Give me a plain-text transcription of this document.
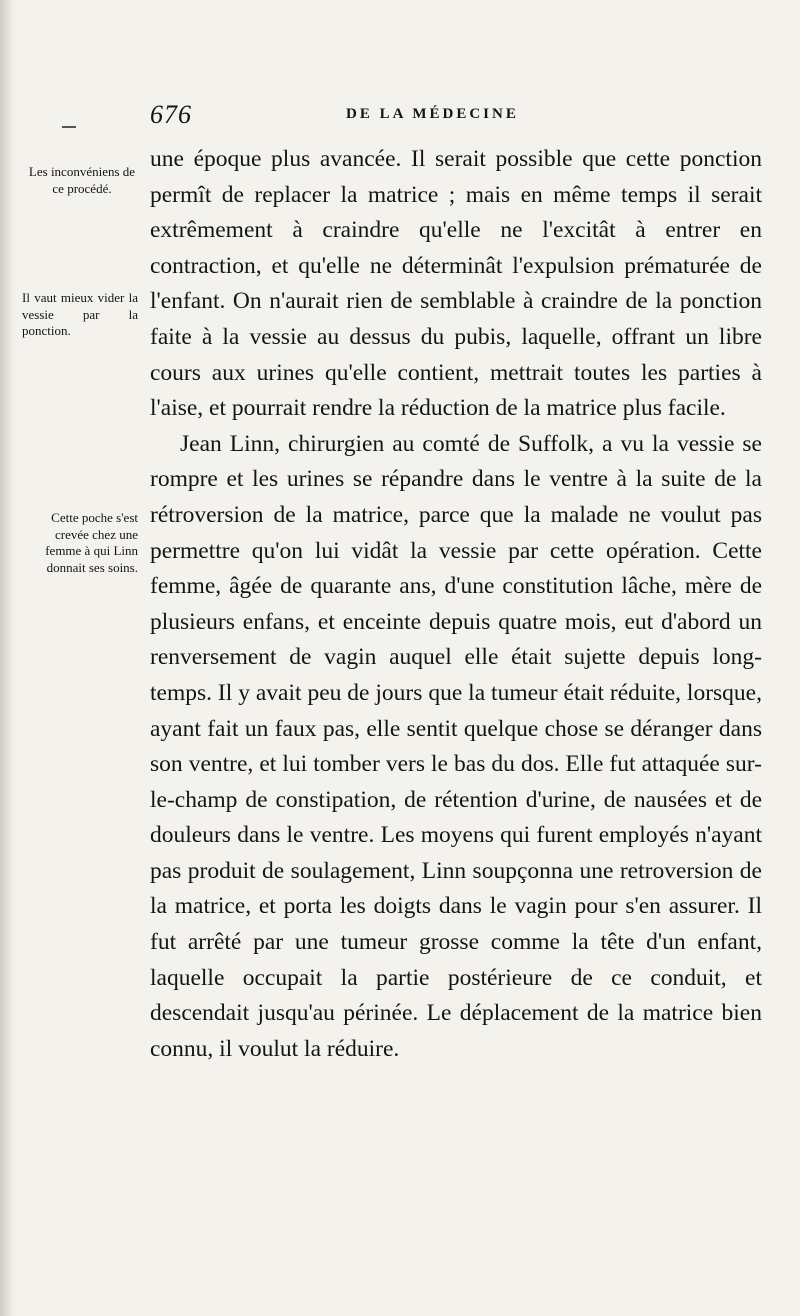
676	DE LA MÉDECINE
Les inconvéniens de ce procédé.
Il vaut mieux vider la vessie par la ponction.
Cette poche s'est crevée chez une femme à qui Linn donnait ses soins.

une époque plus avancée. Il serait possible que cette ponction permît de replacer la matrice ; mais en même temps il serait extrêmement à craindre qu'elle ne l'excitât à entrer en contraction, et qu'elle ne déterminât l'expulsion prématurée de l'enfant. On n'aurait rien de semblable à craindre de la ponction faite à la vessie au dessus du pubis, laquelle, offrant un libre cours aux urines qu'elle contient, mettrait toutes les parties à l'aise, et pourrait rendre la réduction de la matrice plus facile.

Jean Linn, chirurgien au comté de Suffolk, a vu la vessie se rompre et les urines se répandre dans le ventre à la suite de la rétroversion de la matrice, parce que la malade ne voulut pas permettre qu'on lui vidât la vessie par cette opération. Cette femme, âgée de quarante ans, d'une constitution lâche, mère de plusieurs enfans, et enceinte depuis quatre mois, eut d'abord un renversement de vagin auquel elle était sujette depuis long-temps. Il y avait peu de jours que la tumeur était réduite, lorsque, ayant fait un faux pas, elle sentit quelque chose se déranger dans son ventre, et lui tomber vers le bas du dos. Elle fut attaquée sur-le-champ de constipation, de rétention d'urine, de nausées et de douleurs dans le ventre. Les moyens qui furent employés n'ayant pas produit de soulagement, Linn soupçonna une retroversion de la matrice, et porta les doigts dans le vagin pour s'en assurer. Il fut arrêté par une tumeur grosse comme la tête d'un enfant, laquelle occupait la partie postérieure de ce conduit, et descendait jusqu'au périnée. Le déplacement de la matrice bien connu, il voulut la réduire.
